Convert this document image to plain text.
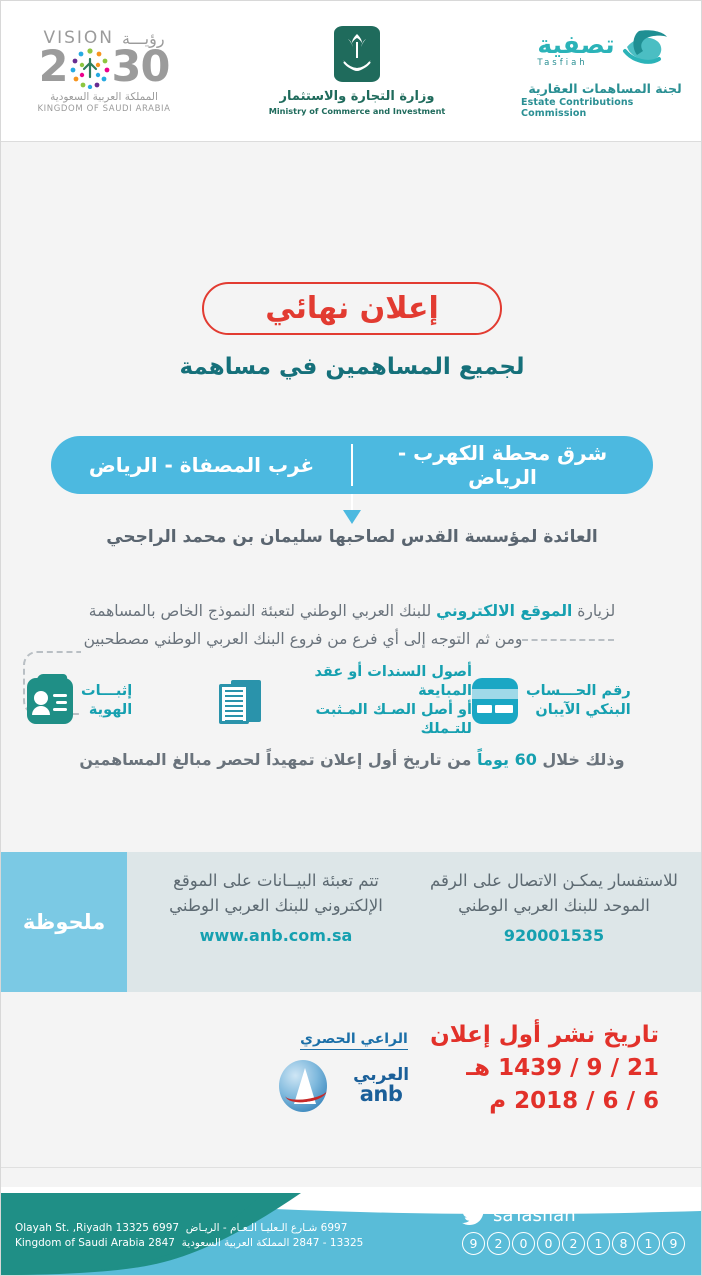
تصفية
Tasfiah
لجنة المساهمات العقارية
Estate Contributions Commission
وزارة التجارة والاستثمار
Ministry of Commerce and Investment
VISION رؤيـــة
2 30
المملكة العربية السعودية
KINGDOM OF SAUDI ARABIA
إعلان نهائي
لجميع المساهمين في مساهمة
شرق محطة الكهرب - الرياض
غرب المصفاة - الرياض
العائدة لمؤسسة القدس لصاحبها سليمان بن محمد الراجحي
لزيارة الموقع الالكتروني للبنك العربي الوطني لتعبئة النموذج الخاص بالمساهمة
ومن ثم التوجه إلى أي فرع من فروع البنك العربي الوطني مصطحبين
إثبـــات
الهوية
أصول السندات أو عقد المبايعة
أو أصل الصـك المـثبت للتـملك
رقم الحـــساب
البنكي الآيبان
وذلك خلال 60 يوماً من تاريخ أول إعلان تمهيداً لحصر مبالغ المساهمين
ملحوظة

تتم تعبئة البيــانات على الموقع الإلكتروني للبنك العربي الوطني

www.anb.com.sa

للاستفسار يمكـن الاتصال على الرقم الموحد للبنك العربي الوطني

920001535
تاريخ نشر أول إعلان
21 / 9 / 1439 هـ
6 / 6 / 2018 م
الراعي الحصري
العربي anb
saTasfiah
9	2	0	0	2	1	8	1	9
6997 شـارع الـعليـا الـعـام - الريـاض  6997 Olayah St. ,Riyadh 13325
13325 - 2847 المملكة العربية السعودية  2847 Kingdom of Saudi Arabia
